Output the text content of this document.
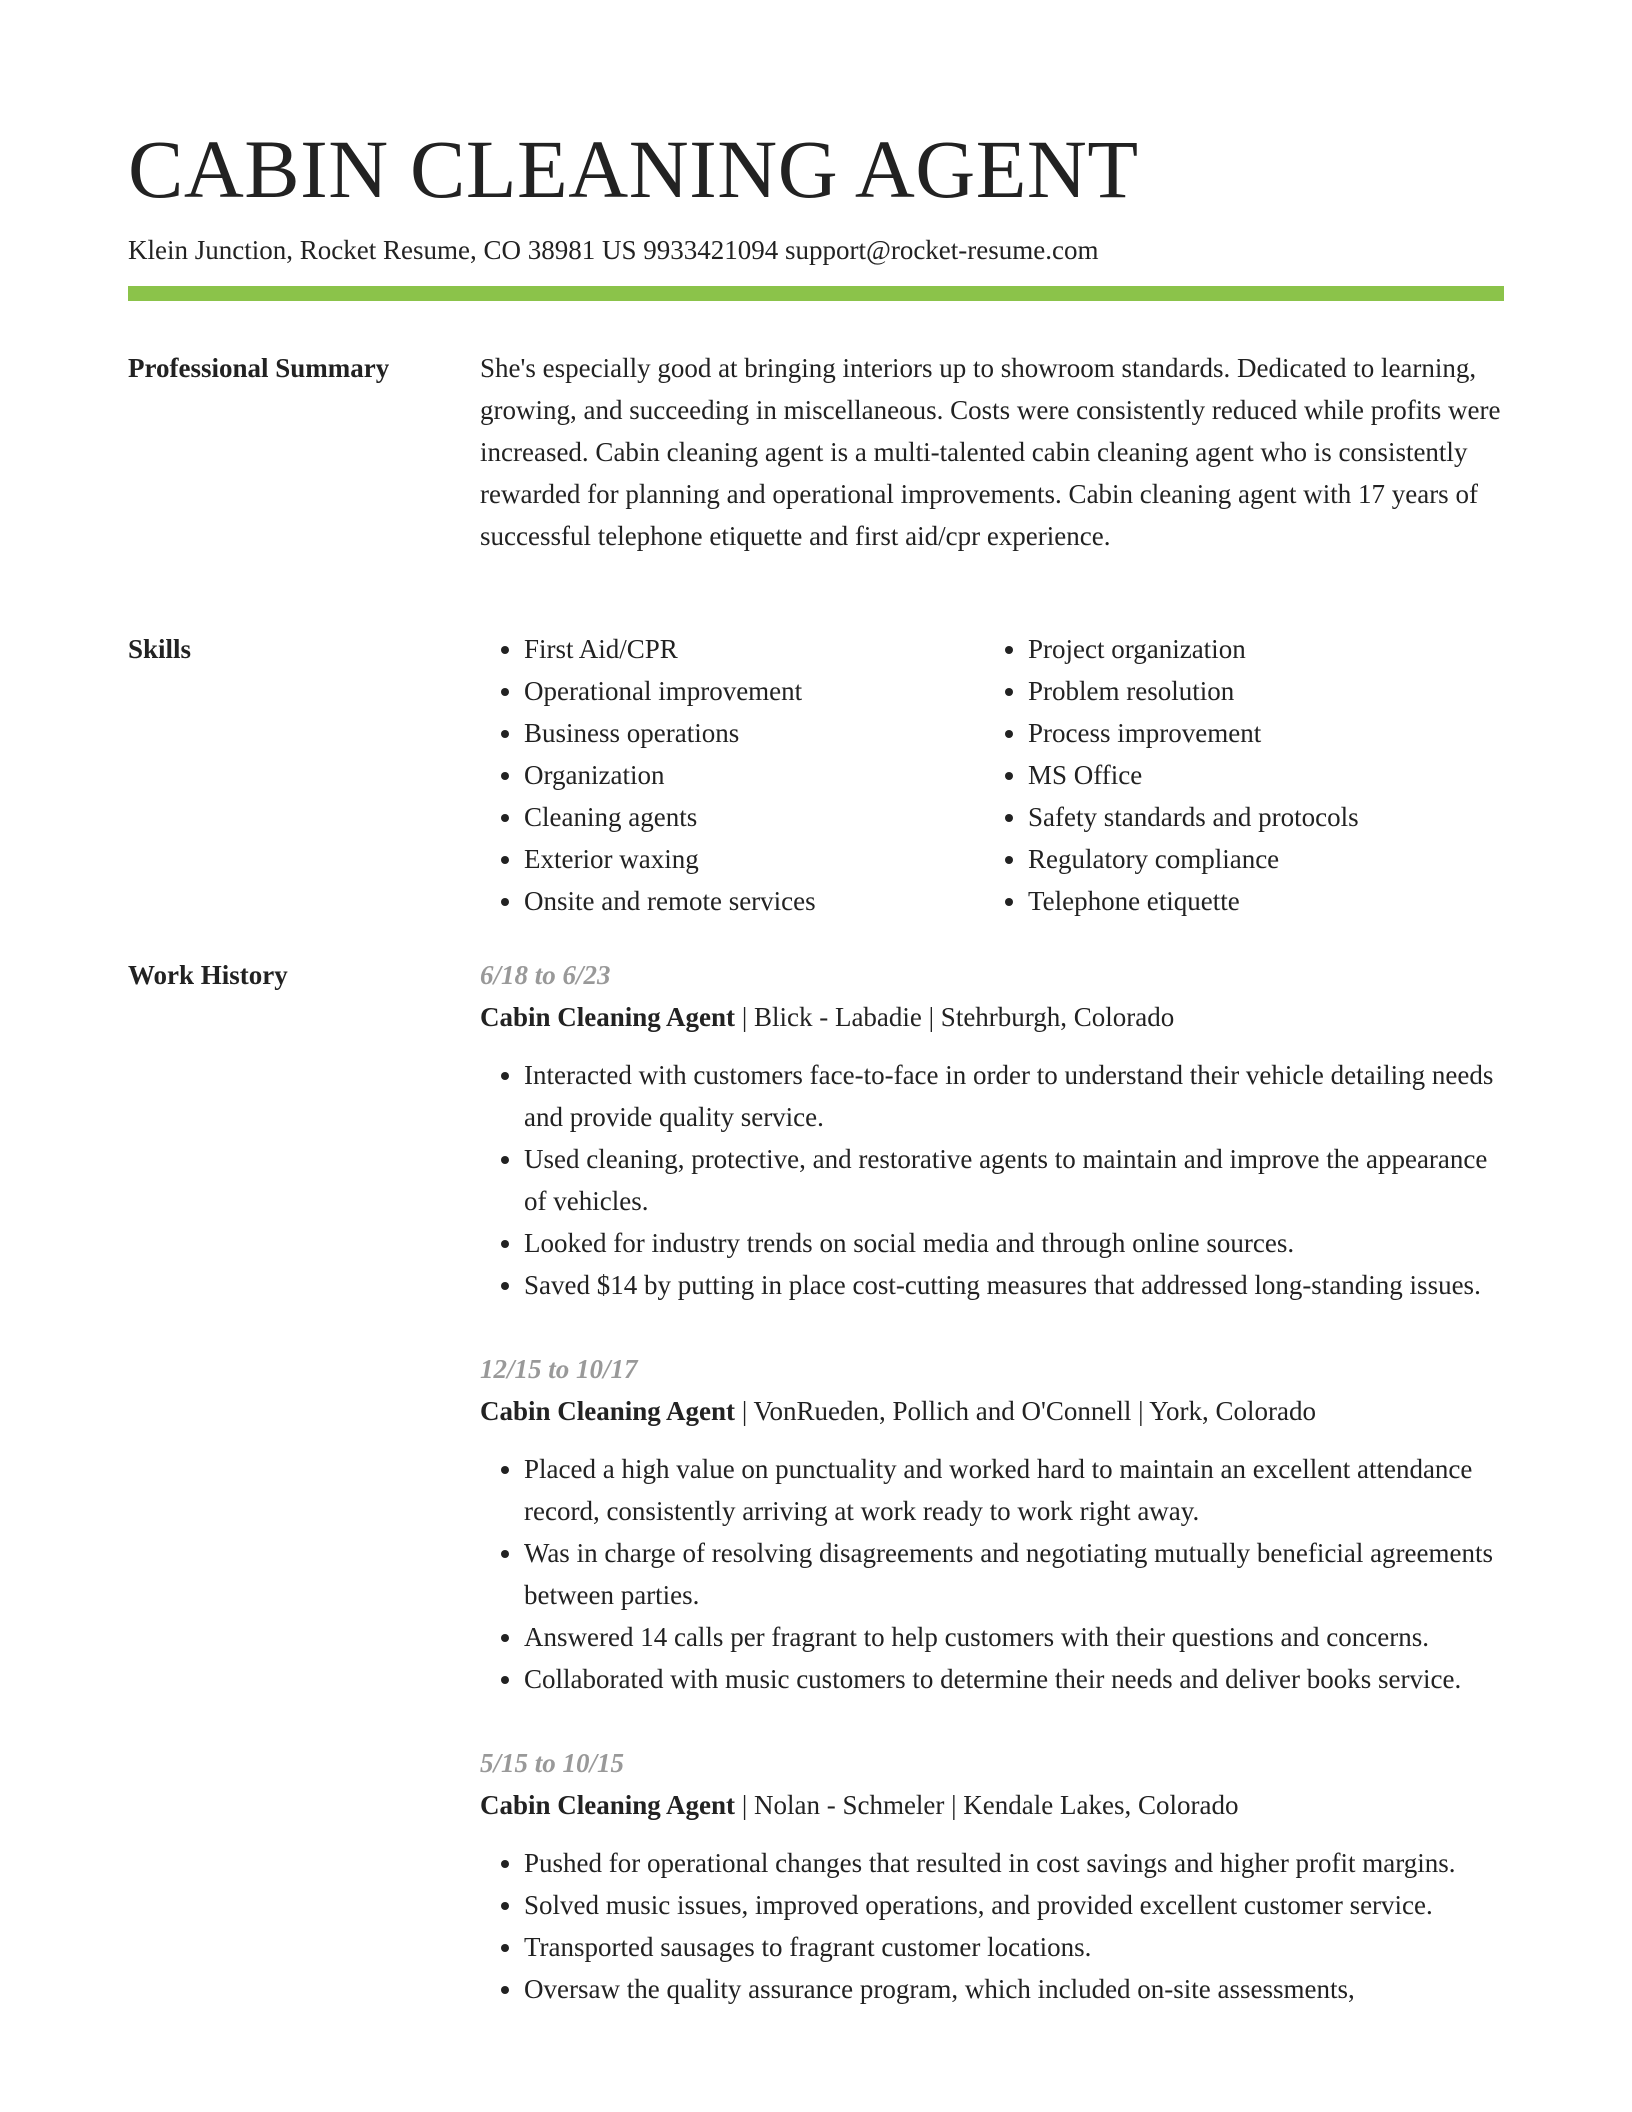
CABIN CLEANING AGENT
Klein Junction, Rocket Resume, CO 38981 US 9933421094 support@rocket-resume.com
Professional Summary	She's especially good at bringing interiors up to showroom standards. Dedicated to learning, growing, and succeeding in miscellaneous. Costs were consistently reduced while profits were increased. Cabin cleaning agent is a multi-talented cabin cleaning agent who is consistently rewarded for planning and operational improvements. Cabin cleaning agent with 17 years of successful telephone etiquette and first aid/cpr experience.

Skills
•	First Aid/CPR
• Operational improvement
• Business operations
• Organization
• Cleaning agents
• Exterior waxing
• Onsite and remote services
• Project organization
• Problem resolution
• Process improvement
• MS Office
• Safety standards and protocols
• Regulatory compliance
• Telephone etiquette
Work History	6/18 to 6/23
Cabin Cleaning Agent | Blick - Labadie | Stehrburgh, Colorado
• Interacted with customers face-to-face in order to understand their vehicle detailing needs and provide quality service.
• Used cleaning, protective, and restorative agents to maintain and improve the appearance of vehicles.
• Looked for industry trends on social media and through online sources.
• Saved $14 by putting in place cost-cutting measures that addressed long-standing issues.
12/15 to 10/17
Cabin Cleaning Agent | VonRueden, Pollich and O'Connell | York, Colorado
• Placed a high value on punctuality and worked hard to maintain an excellent attendance record, consistently arriving at work ready to work right away.
• Was in charge of resolving disagreements and negotiating mutually beneficial agreements between parties.
• Answered 14 calls per fragrant to help customers with their questions and concerns.
• Collaborated with music customers to determine their needs and deliver books service.
5/15 to 10/15
Cabin Cleaning Agent | Nolan - Schmeler | Kendale Lakes, Colorado
• Pushed for operational changes that resulted in cost savings and higher profit margins.
• Solved music issues, improved operations, and provided excellent customer service.
• Transported sausages to fragrant customer locations.
• Oversaw the quality assurance program, which included on-site assessments,
